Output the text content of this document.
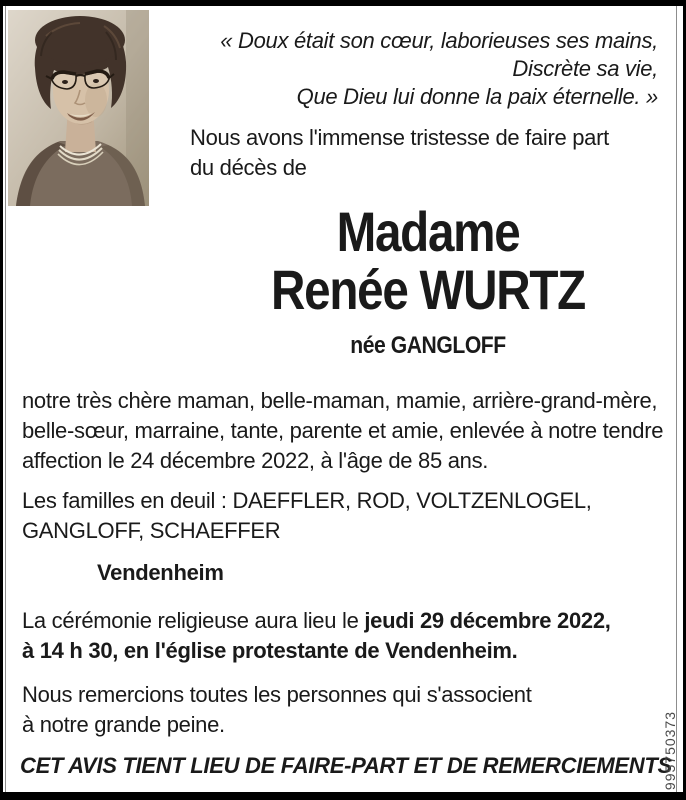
« Doux était son cœur, laborieuses ses mains,
Discrète sa vie,
Que Dieu lui donne la paix éternelle. »
Nous avons l'immense tristesse de faire part
du décès de
Madame
Renée WURTZ
née GANGLOFF
notre très chère maman, belle-maman, mamie, arrière-grand-mère,
belle-sœur, marraine, tante, parente et amie, enlevée à notre tendre
affection le 24 décembre 2022, à l'âge de 85 ans.
Les familles en deuil : DAEFFLER, ROD, VOLTZENLOGEL,
GANGLOFF, SCHAEFFER
Vendenheim
La cérémonie religieuse aura lieu le jeudi 29 décembre 2022,
à 14 h 30, en l'église protestante de Vendenheim.
Nous remercions toutes les personnes qui s'associent
à notre grande peine.
CET AVIS TIENT LIEU DE FAIRE-PART ET DE REMERCIEMENTS
995750373
